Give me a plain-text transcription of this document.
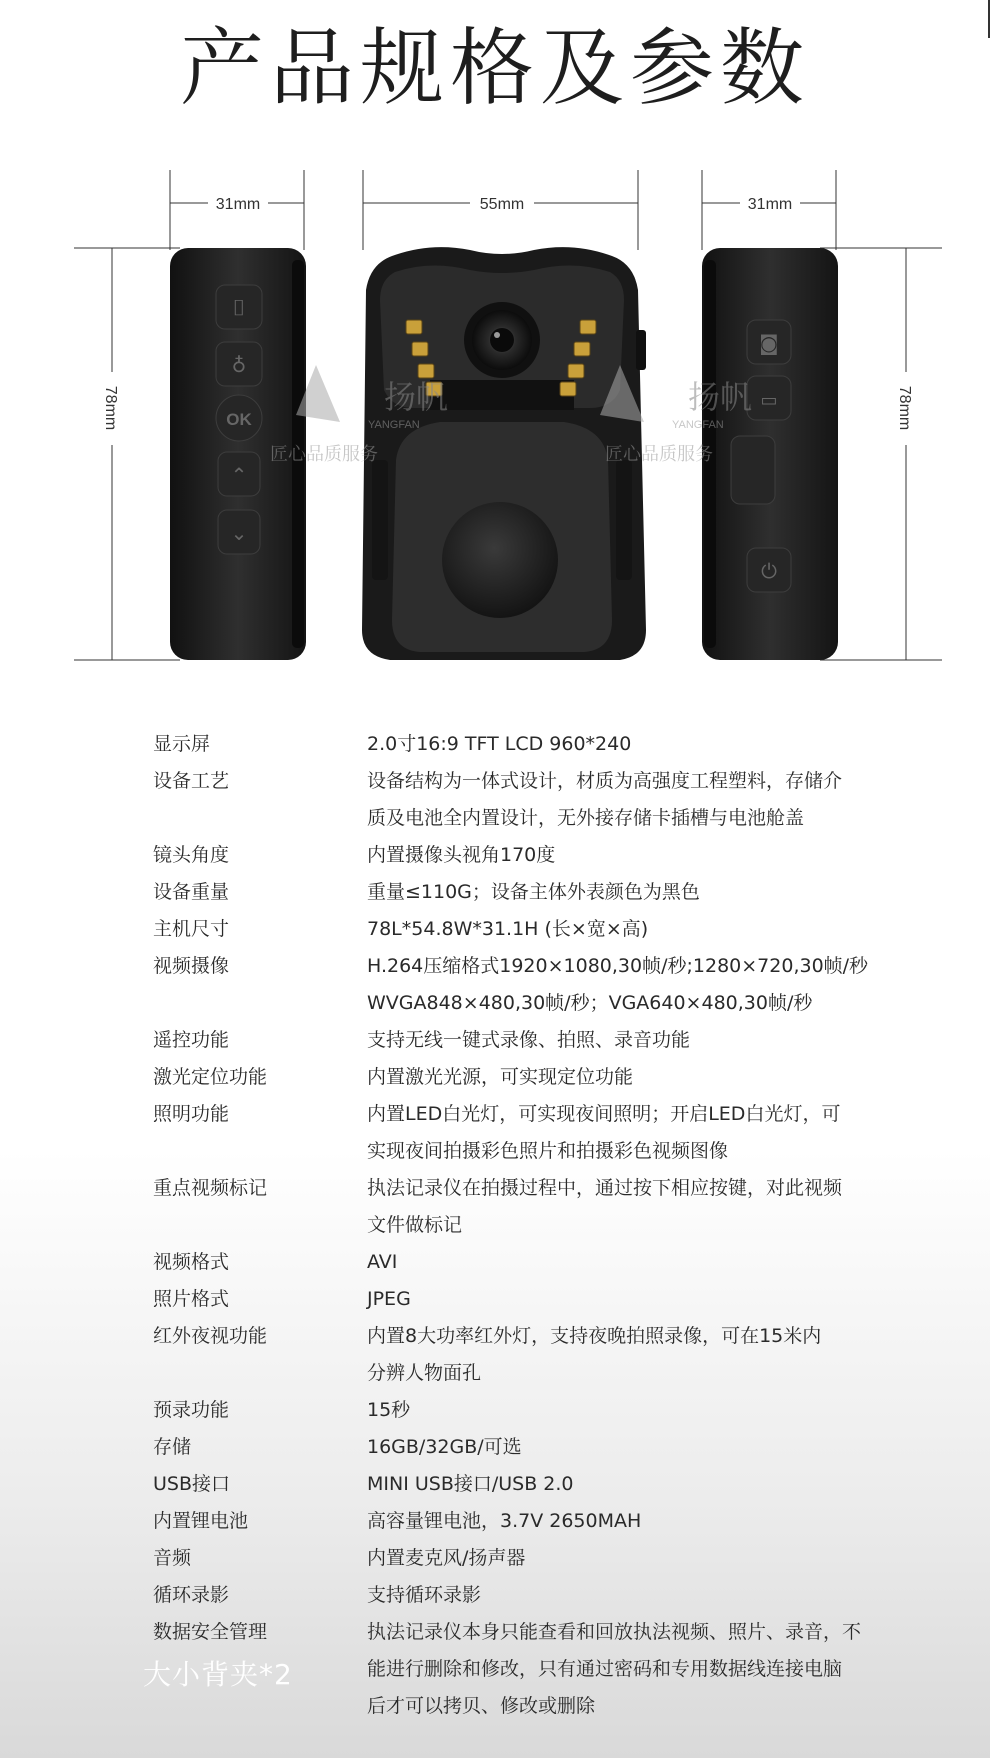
产品规格及参数
31mm	55mm	31mm
78mm	78mm
⌷
♁
OK
⌃
⌄
◙
▭
⏻
扬帆
YANGFAN
匠心品质服务
扬帆
YANGFAN
匠心品质服务
显示屏	2.0寸16:9 TFT LCD 960*240
设备工艺	设备结构为一体式设计，材质为高强度工程塑料，存储介
质及电池全内置设计，无外接存储卡插槽与电池舱盖
镜头角度	内置摄像头视角170度
设备重量	重量≤110G；设备主体外表颜色为黑色
主机尺寸	78L*54.8W*31.1H (长×宽×高)
视频摄像	H.264压缩格式1920×1080,30帧/秒;1280×720,30帧/秒
WVGA848×480,30帧/秒；VGA640×480,30帧/秒
遥控功能	支持无线一键式录像、拍照、录音功能
激光定位功能	内置激光光源，可实现定位功能
照明功能	内置LED白光灯，可实现夜间照明；开启LED白光灯，可
实现夜间拍摄彩色照片和拍摄彩色视频图像
重点视频标记	执法记录仪在拍摄过程中，通过按下相应按键，对此视频
文件做标记
视频格式	AVI
照片格式	JPEG
红外夜视功能	内置8大功率红外灯，支持夜晚拍照录像，可在15米内
分辨人物面孔
预录功能	15秒
存储	16GB/32GB/可选
USB接口	MINI USB接口/USB 2.0
内置锂电池	高容量锂电池，3.7V 2650MAH
音频	内置麦克风/扬声器
循环录影	支持循环录影
数据安全管理	执法记录仪本身只能查看和回放执法视频、照片、录音，不
能进行删除和修改，只有通过密码和专用数据线连接电脑
后才可以拷贝、修改或删除
大小背夹*2
